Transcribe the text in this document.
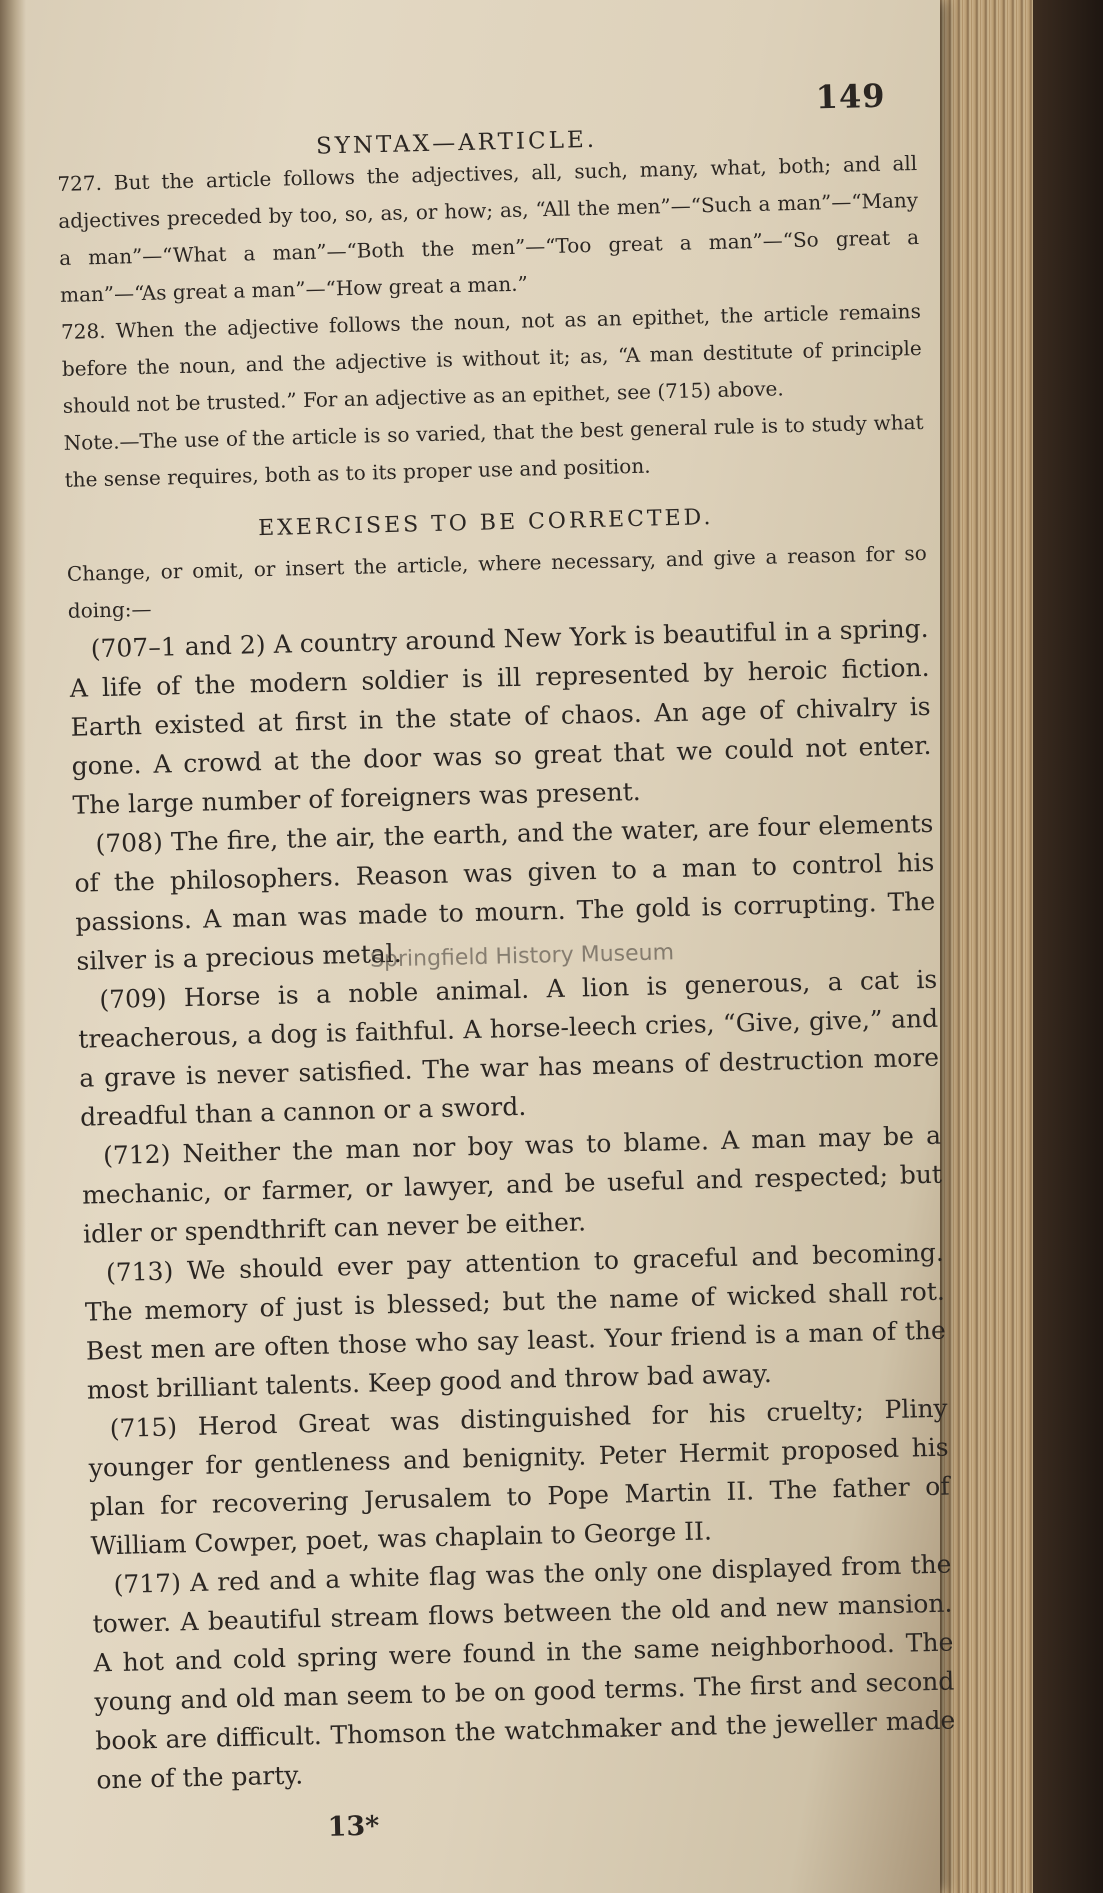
149
SYNTAX—ARTICLE.

727. But the article follows the adjectives, all, such, many, what, both; and all adjectives preceded by too, so, as, or how; as, “All the men”—“Such a man”—“Many a man”—“What a man”—“Both the men”—“Too great a man”—“So great a man”—“As great a man”—“How great a man.”

728. When the adjective follows the noun, not as an epithet, the article remains before the noun, and the adjective is without it; as, “A man destitute of principle should not be trusted.” For an adjective as an epithet, see (715) above.

Note.—The use of the article is so varied, that the best general rule is to study what the sense requires, both as to its proper use and position.

EXERCISES TO BE CORRECTED.

Change, or omit, or insert the article, where necessary, and give a reason for so doing:—

(707–1 and 2) A country around New York is beautiful in a spring. A life of the modern soldier is ill represented by heroic fiction. Earth existed at first in the state of chaos. An age of chivalry is gone. A crowd at the door was so great that we could not enter. The large number of foreigners was present.

(708) The fire, the air, the earth, and the water, are four elements of the philosophers. Reason was given to a man to control his passions. A man was made to mourn. The gold is corrupting. The silver is a precious metal.

(709) Horse is a noble animal. A lion is generous, a cat is treacherous, a dog is faithful. A horse-leech cries, “Give, give,” and a grave is never satisfied. The war has means of destruction more dreadful than a cannon or a sword.

(712) Neither the man nor boy was to blame. A man may be a mechanic, or farmer, or lawyer, and be useful and respected; but idler or spendthrift can never be either.

(713) We should ever pay attention to graceful and becoming. The memory of just is blessed; but the name of wicked shall rot. Best men are often those who say least. Your friend is a man of the most brilliant talents. Keep good and throw bad away.

(715) Herod Great was distinguished for his cruelty; Pliny younger for gentleness and benignity. Peter Hermit proposed his plan for recovering Jerusalem to Pope Martin II. The father of William Cowper, poet, was chaplain to George II.

(717) A red and a white flag was the only one displayed from the tower. A beautiful stream flows between the old and new mansion. A hot and cold spring were found in the same neighborhood. The young and old man seem to be on good terms. The first and second book are difficult. Thomson the watchmaker and the jeweller made one of the party.

13*
Springfield History Museum
